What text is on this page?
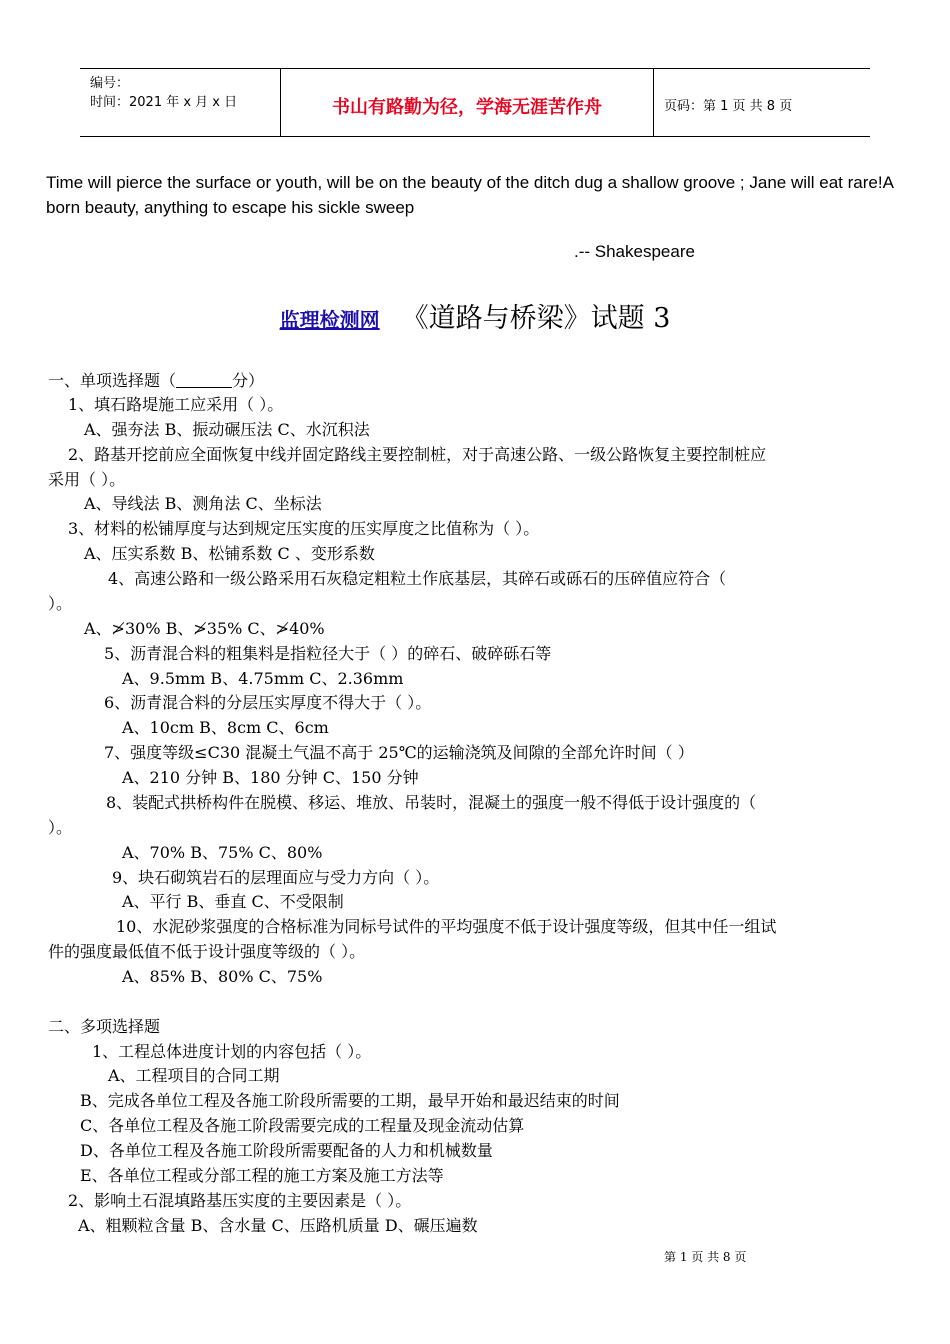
编号：
时间：2021 年 x 月 x 日	书山有路勤为径，学海无涯苦作舟	页码：第 1 页 共 8 页
Time will pierce the surface or youth, will be on the beauty of the ditch dug a shallow groove ; Jane will eat rare!A born beauty, anything to escape his sickle sweep
.-- Shakespeare
监理检测网 《道路与桥梁》试题 3
一、单项选择题（	分）
1、填石路堤施工应采用（ ）。
A、强夯法 B、振动碾压法 C、水沉积法
2、路基开挖前应全面恢复中线并固定路线主要控制桩，对于高速公路、一级公路恢复主要控制桩应
采用（ ）。
A、导线法 B、测角法 C、坐标法
3、材料的松铺厚度与达到规定压实度的压实厚度之比值称为（ ）。
A、压实系数 B、松铺系数 C 、变形系数
4、高速公路和一级公路采用石灰稳定粗粒土作底基层，其碎石或砾石的压碎值应符合（
）。
A、≯30% B、≯35% C、≯40%
5、沥青混合料的粗集料是指粒径大于（ ）的碎石、破碎砾石等
A、9.5mm B、4.75mm C、2.36mm
6、沥青混合料的分层压实厚度不得大于（ ）。
A、10cm B、8cm C、6cm
7、强度等级≤C30 混凝土气温不高于 25℃的运输浇筑及间隙的全部允许时间（ ）
A、210 分钟 B、180 分钟 C、150 分钟
8、装配式拱桥构件在脱模、移运、堆放、吊装时，混凝土的强度一般不得低于设计强度的（
）。
A、70% B、75% C、80%
9、块石砌筑岩石的层理面应与受力方向（ ）。
A、平行 B、垂直 C、不受限制
10、水泥砂浆强度的合格标准为同标号试件的平均强度不低于设计强度等级，但其中任一组试
件的强度最低值不低于设计强度等级的（ ）。
A、85% B、80% C、75%
二、多项选择题
1、工程总体进度计划的内容包括（ ）。
A、工程项目的合同工期
B、完成各单位工程及各施工阶段所需要的工期，最早开始和最迟结束的时间
C、各单位工程及各施工阶段需要完成的工程量及现金流动估算
D、各单位工程及各施工阶段所需要配备的人力和机械数量
E、各单位工程或分部工程的施工方案及施工方法等
2、影响土石混填路基压实度的主要因素是（ ）。
A、粗颗粒含量 B、含水量 C、压路机质量 D、碾压遍数
第 1 页 共 8 页
